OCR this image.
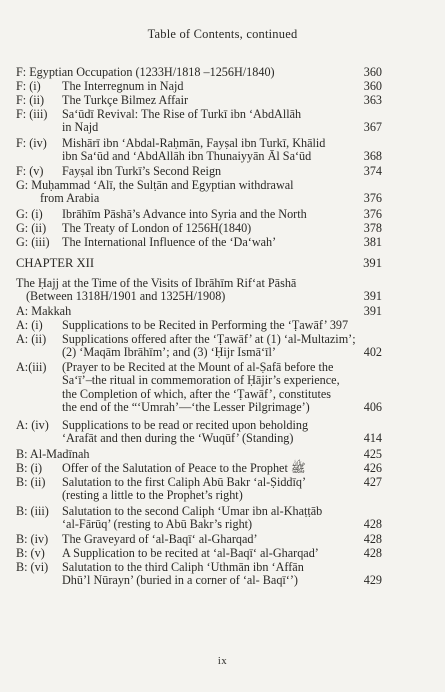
Table of Contents, continued
F: Egyptian Occupation (1233H/1818 –1256H/1840)	360
F: (i) The Interregnum in Najd	360
F: (ii) The Turkçe Bilmez Affair	363
F: (iii) Sa‘ūdī Revival: The Rise of Turkī ibn ‘AbdAllāh
in Najd	367
F: (iv) Mishārī ibn ‘Abdal-Raḥmān, Fayṣal ibn Turkī, Khālid
ibn Sa‘ūd and ‘AbdAllāh ibn Thunaiyyān Āl Sa‘ūd	368
F: (v) Fayṣal ibn Turkī’s Second Reign	374
G: Muḥammad ‘Alī, the Sulṭān and Egyptian withdrawal
from Arabia	376
G: (i) Ibrāhīm Pāshā’s Advance into Syria and the North	376
G: (ii) The Treaty of London of 1256H(1840)	378
G: (iii) The International Influence of the ‘Da‘wah’	381
CHAPTER XII	391
The Ḥajj at the Time of the Visits of Ibrāhīm Rif‘at Pāshā
(Between 1318H/1901 and 1325H/1908)	391
A: Makkah	391
A: (i) Supplications to be Recited in Performing the ‘Ṭawāf’ 397
A: (ii) Supplications offered after the ‘Ṭawāf’ at (1) ‘al-Multazim’;
(2) ‘Maqām Ibrāhīm’; and (3) ‘Ḥijr Ismā‘īl’	402
A:(iii) (Prayer to be Recited at the Mount of al-Ṣafā before the
Sa‘ī’–the ritual in commemoration of Ḥājir’s experience,
the Completion of which, after the ‘Ṭawāf’, constitutes
the end of the “‘Umrah’—‘the Lesser Pilgrimage’)	406
A: (iv) Supplications to be read or recited upon beholding
‘Arafāt and then during the ‘Wuqūf’ (Standing)	414
B: Al-Madīnah	425
B: (i) Offer of the Salutation of Peace to the Prophet ﷺ	426
B: (ii) Salutation to the first Caliph Abū Bakr ‘al-Ṣiddīq’
(resting a little to the Prophet’s right)
427
B: (iii) Salutation to the second Caliph ‘Umar ibn al-Khaṭṭāb
‘al-Fārūq’ (resting to Abū Bakr’s right)	428
B: (iv) The Graveyard of ‘al-Baqī‘ al-Gharqad’	428
B: (v) A Supplication to be recited at ‘al-Baqī‘ al-Gharqad’	428
B: (vi) Salutation to the third Caliph ‘Uthmān ibn ‘Affān
Dhū’l Nūrayn’ (buried in a corner of ‘al- Baqī‘’)	429
ix
